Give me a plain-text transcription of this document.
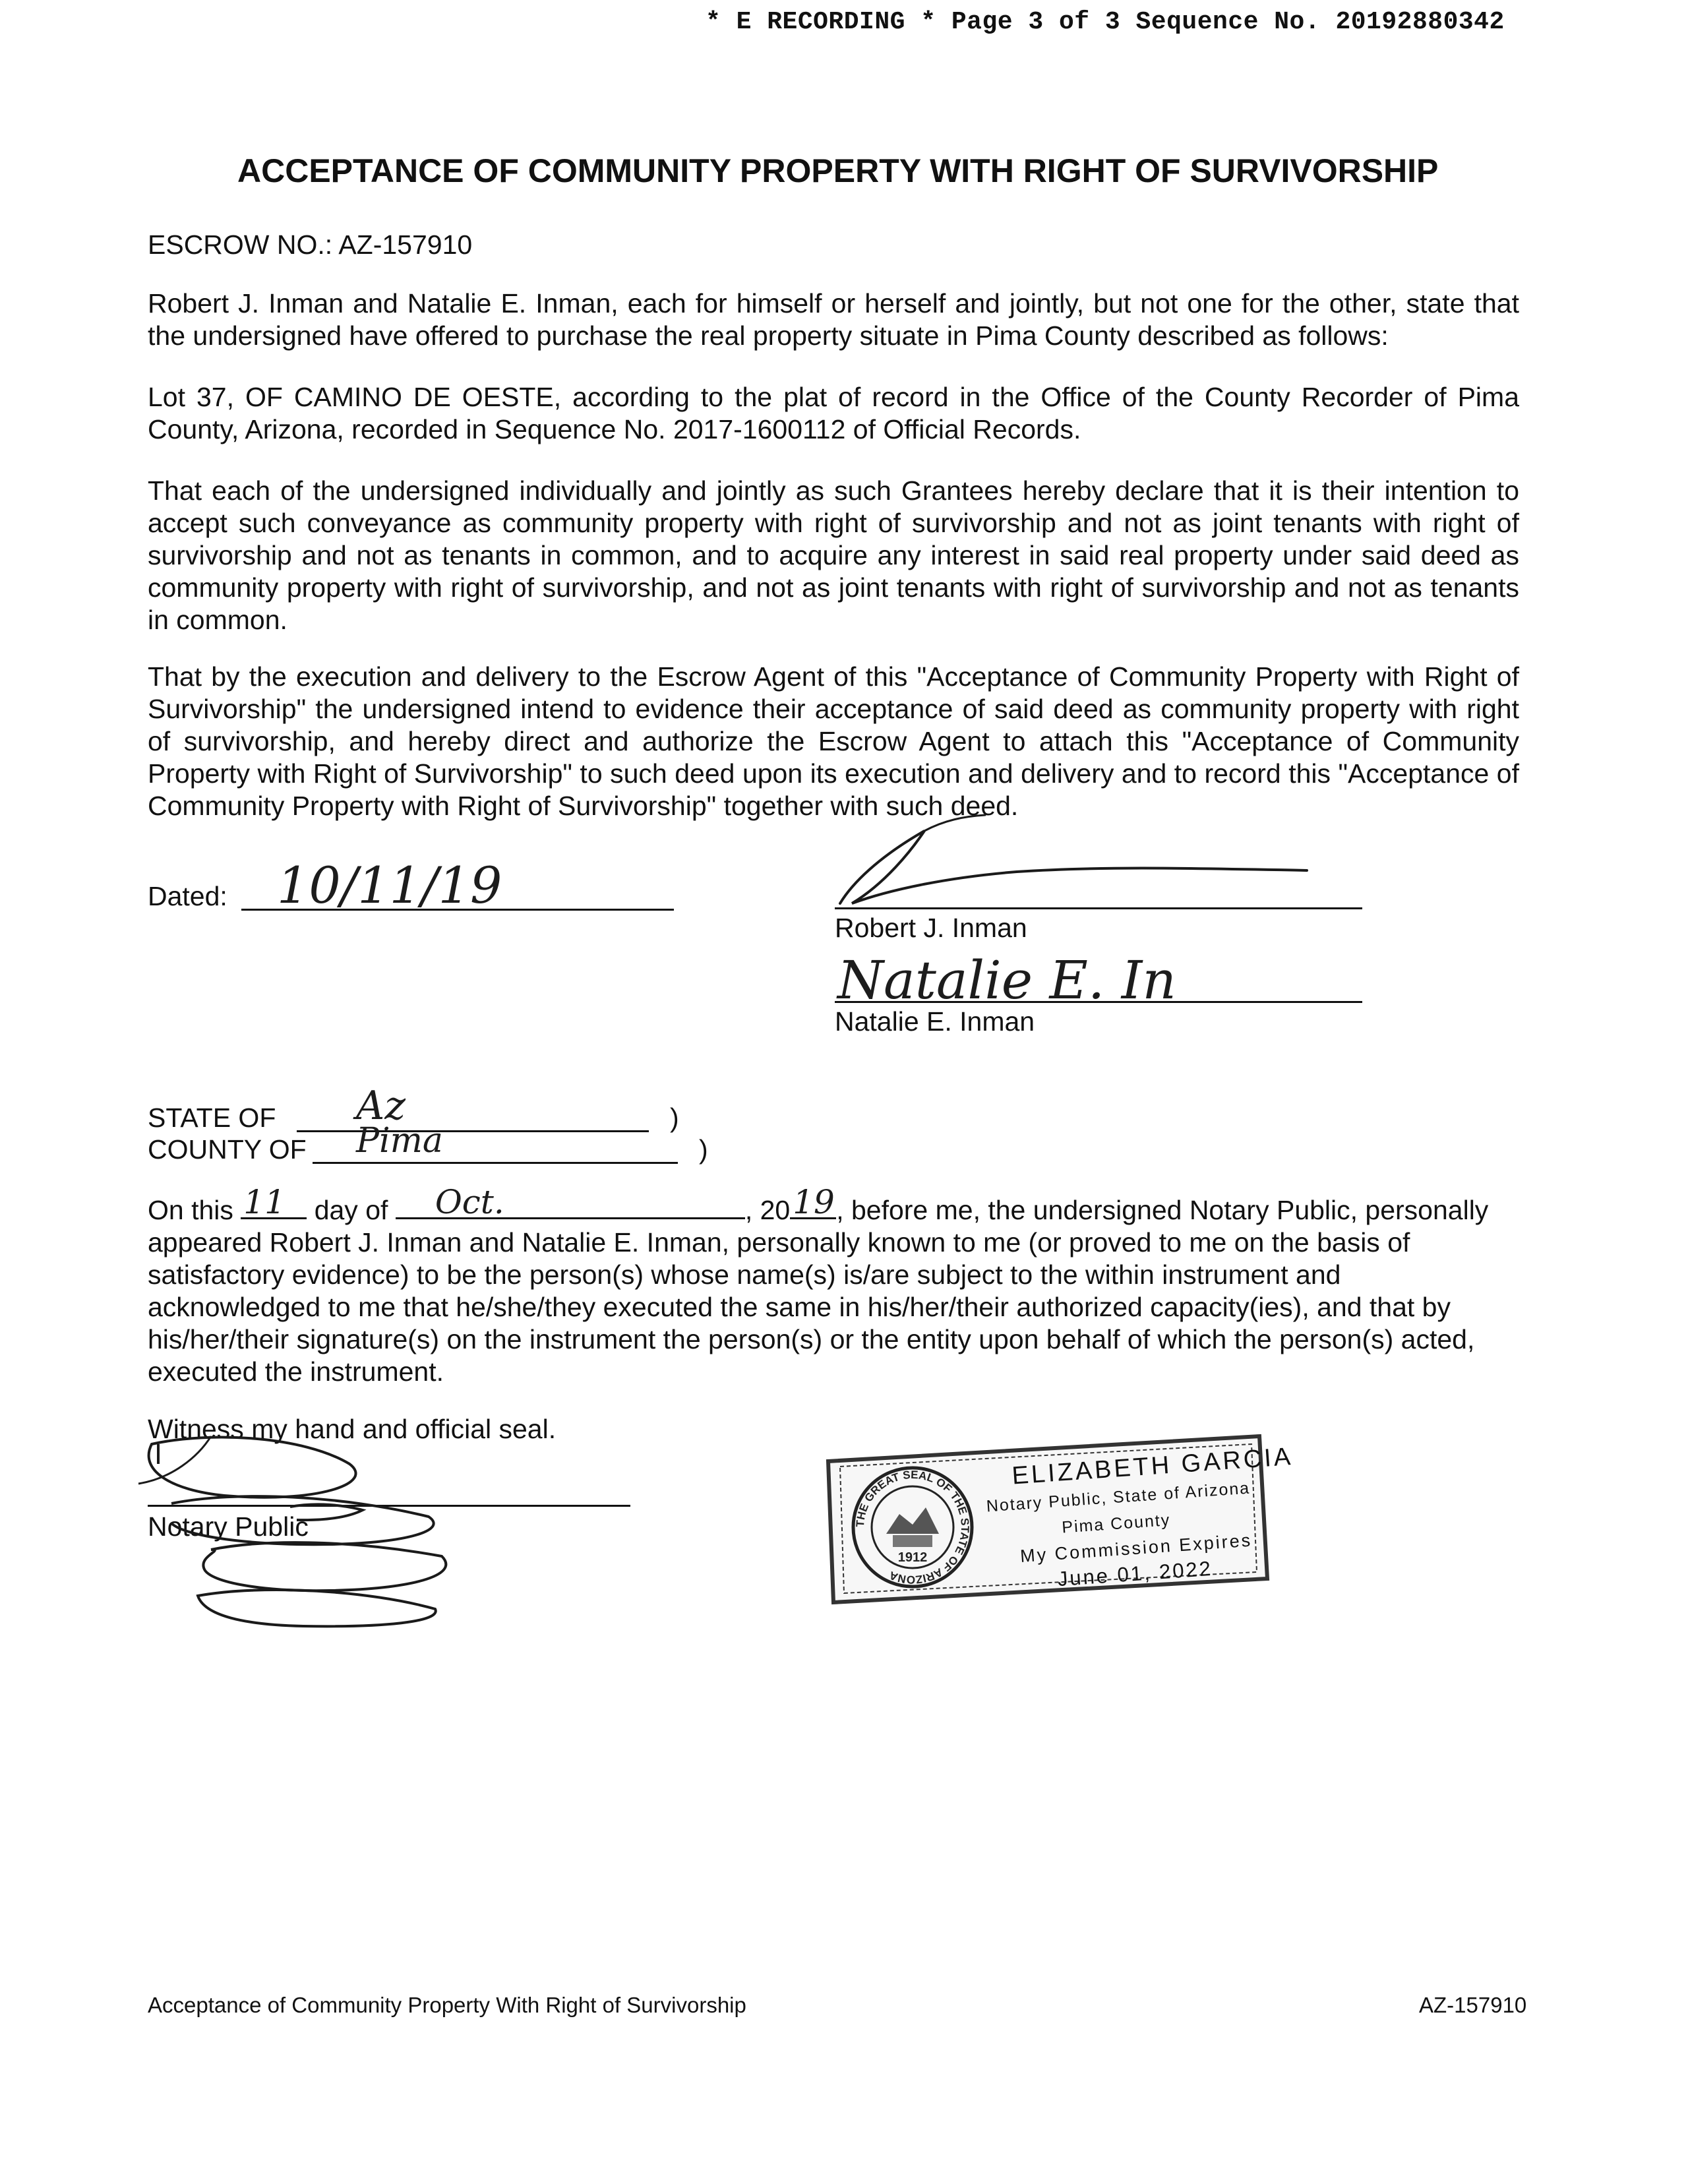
* E RECORDING * Page 3 of 3 Sequence No. 20192880342
ACCEPTANCE OF COMMUNITY PROPERTY WITH RIGHT OF SURVIVORSHIP
ESCROW NO.: AZ-157910
Robert J. Inman and Natalie E. Inman, each for himself or herself and jointly, but not one for the other, state that the undersigned have offered to purchase the real property situate in Pima County described as follows:
Lot 37, OF CAMINO DE OESTE, according to the plat of record in the Office of the County Recorder of Pima County, Arizona, recorded in Sequence No. 2017-1600112 of Official Records.
That each of the undersigned individually and jointly as such Grantees hereby declare that it is their intention to accept such conveyance as community property with right of survivorship and not as joint tenants with right of survivorship and not as tenants in common, and to acquire any interest in said real property under said deed as community property with right of survivorship, and not as joint tenants with right of survivorship and not as tenants in common.
That by the execution and delivery to the Escrow Agent of this "Acceptance of Community Property with Right of Survivorship" the undersigned intend to evidence their acceptance of said deed as community property with right of survivorship, and hereby direct and authorize the Escrow Agent to attach this "Acceptance of Community Property with Right of Survivorship" to such deed upon its execution and delivery and to record this "Acceptance of Community Property with Right of Survivorship" together with such deed.
Dated: 10/11/19
Robert J. Inman
Natalie E. In
Natalie E. Inman
STATE OF Az	)
COUNTY OF Pima	)
On this 11 day of Oct.	, 20 19 , before me, the undersigned Notary Public, personally appeared Robert J. Inman and Natalie E. Inman, personally known to me (or proved to me on the basis of satisfactory evidence) to be the person(s) whose name(s) is/are subject to the within instrument and acknowledged to me that he/she/they executed the same in his/her/their authorized capacity(ies), and that by his/her/their signature(s) on the instrument the person(s) or the entity upon behalf of which the person(s) acted, executed the instrument.
Witness my hand and official seal.
Notary Public	THE GREAT SEAL OF THE STATE OF ARIZONA
1912
ELIZABETH GARCIA
Notary Public, State of Arizona
Pima County
My Commission Expires
June 01, 2022
Acceptance of Community Property With Right of Survivorship	AZ-157910
